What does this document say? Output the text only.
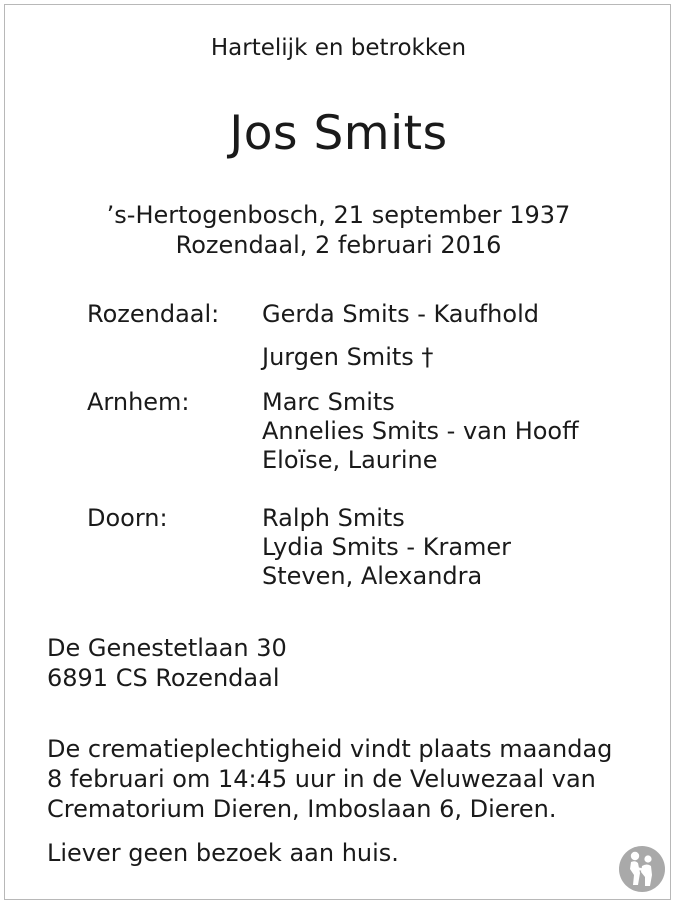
Hartelijk en betrokken
Jos Smits
’s-Hertogenbosch, 21 september 1937
Rozendaal, 2 februari 2016
Rozendaal: Gerda Smits - Kaufhold
Jurgen Smits †
Arnhem:	Marc Smits
Annelies Smits - van Hooff
Eloïse, Laurine
Doorn:	Ralph Smits
Lydia Smits - Kramer
Steven, Alexandra
De Genestetlaan 30
6891 CS Rozendaal
De crematieplechtigheid vindt plaats maandag
8 februari om 14:45 uur in de Veluwezaal van
Crematorium Dieren, Imboslaan 6, Dieren.
Liever geen bezoek aan huis.
